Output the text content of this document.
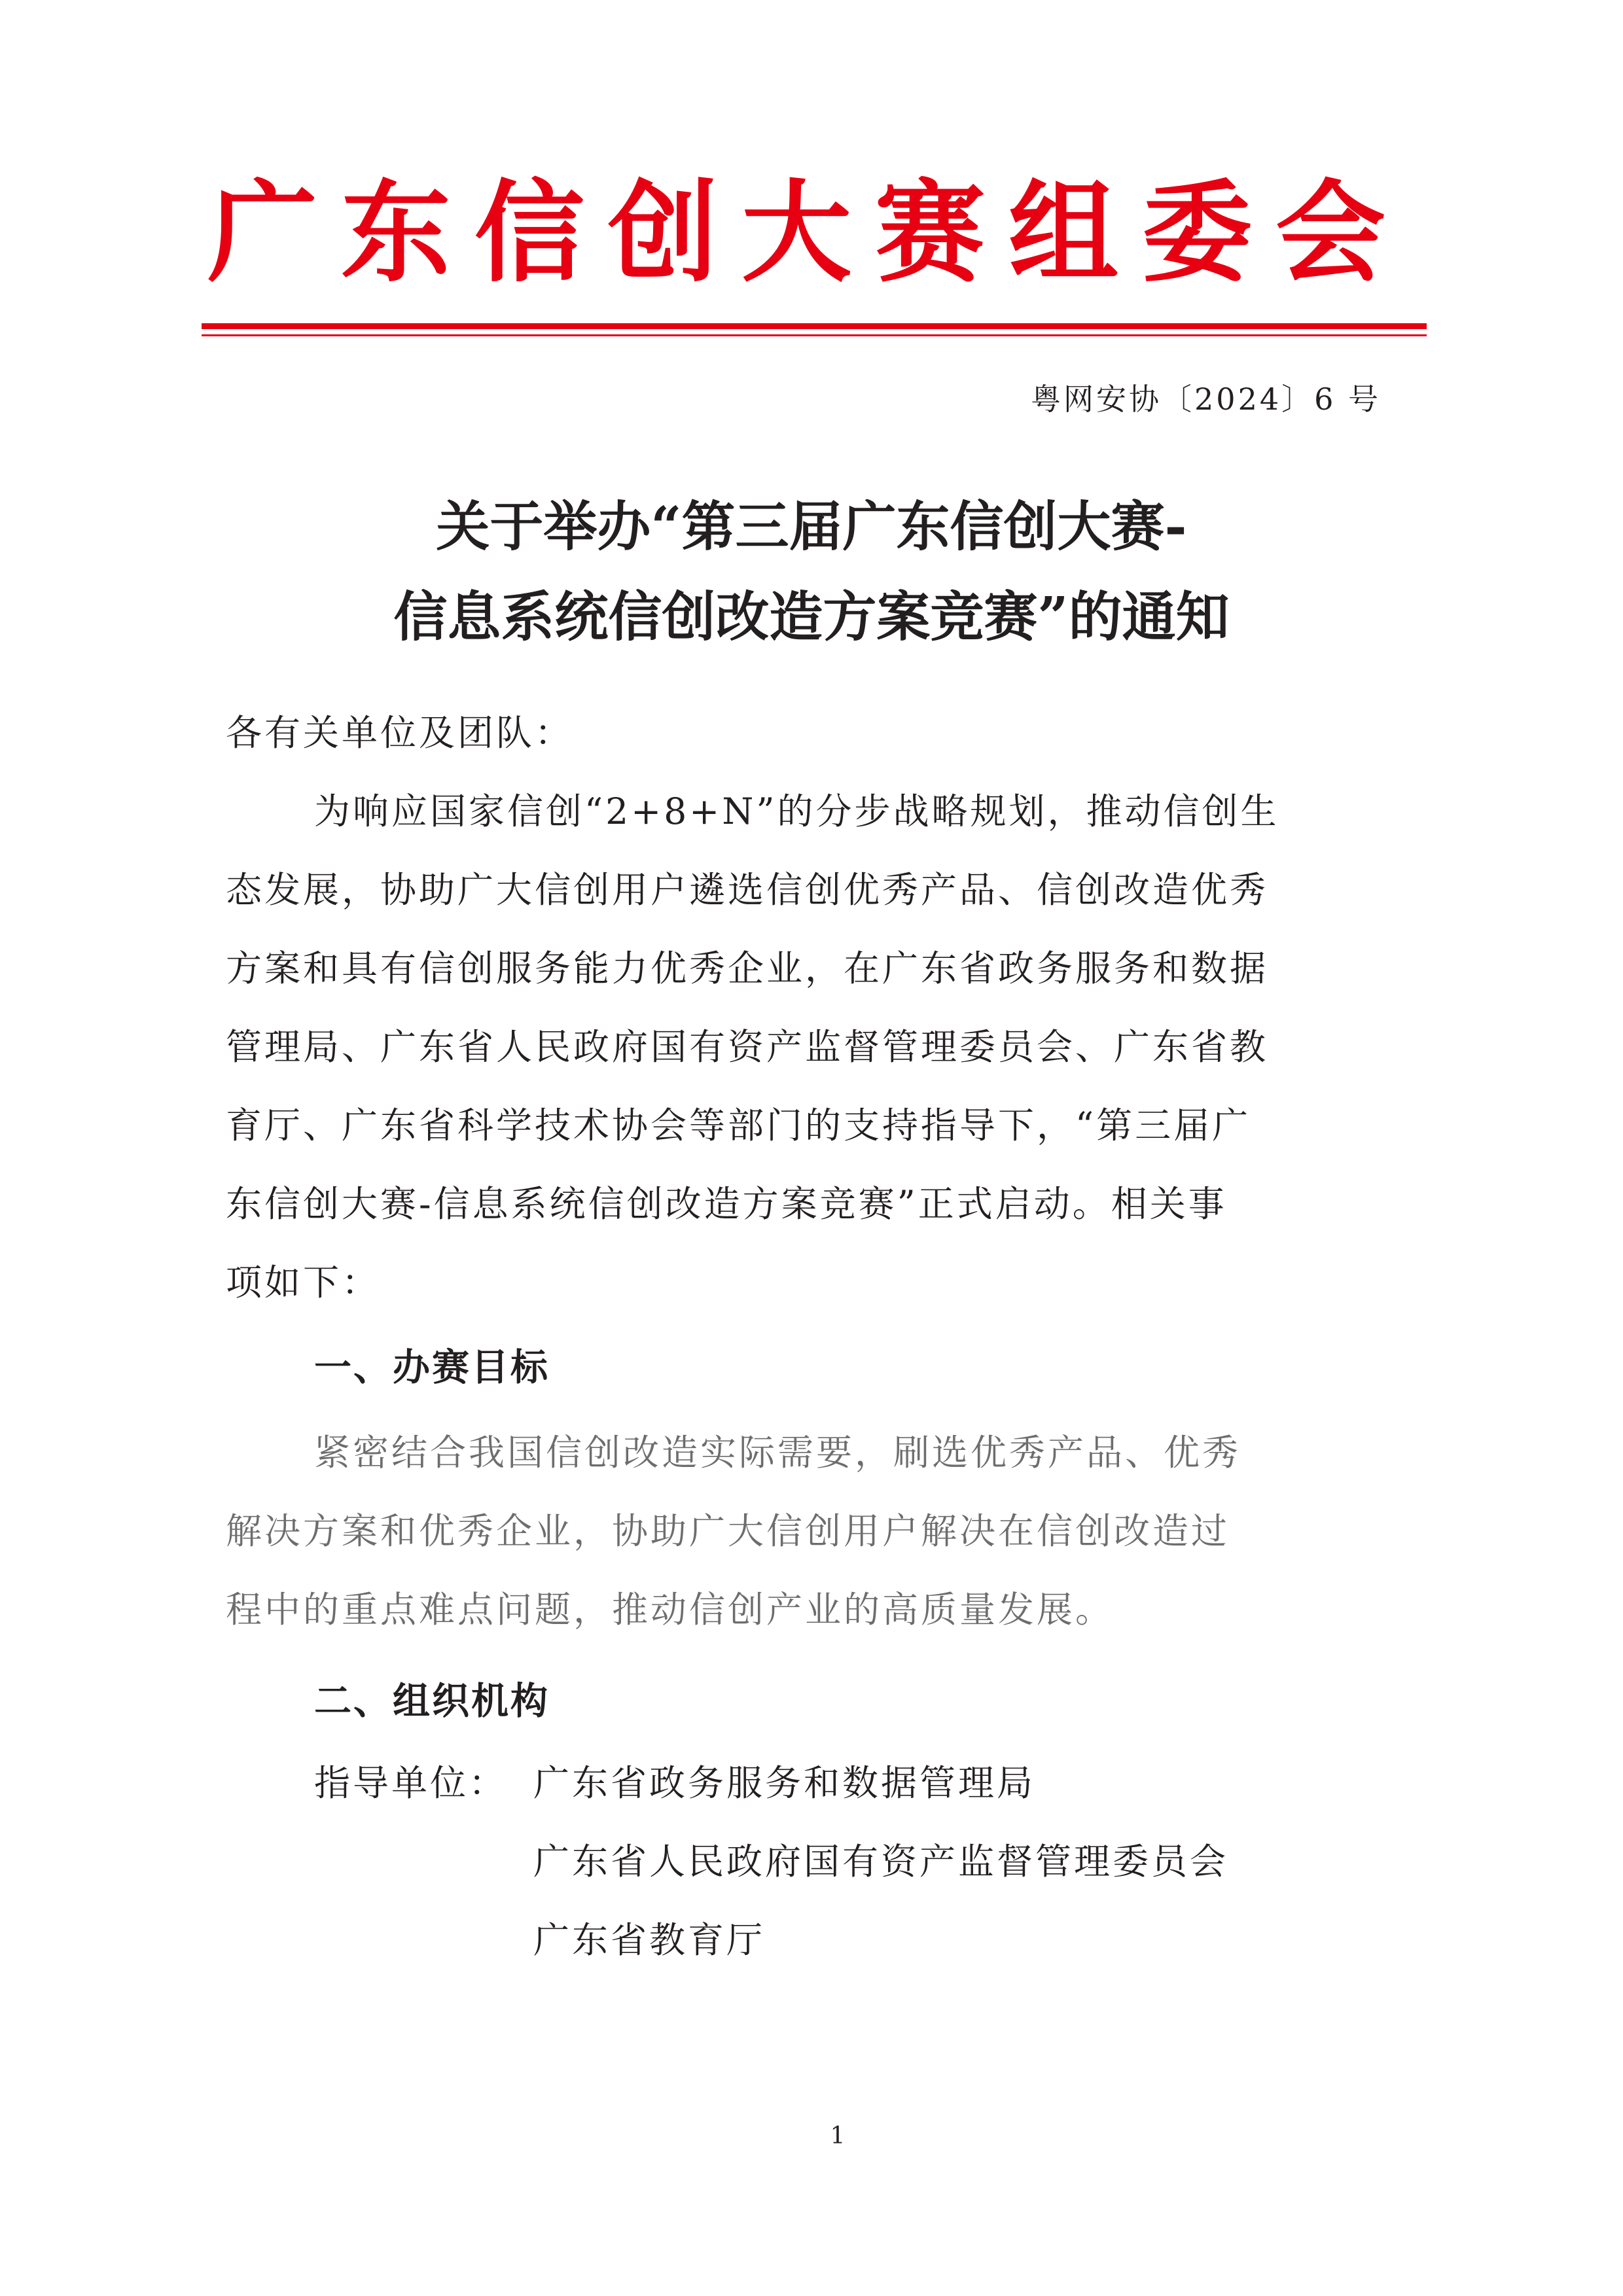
广东信创大赛组委会
粤网安协〔2024〕6 号
关于举办“第三届广东信创大赛-
信息系统信创改造方案竞赛”的通知
各有关单位及团队：
为响应国家信创“2+8+N”的分步战略规划，推动信创生
态发展，协助广大信创用户遴选信创优秀产品、信创改造优秀
方案和具有信创服务能力优秀企业，在广东省政务服务和数据
管理局、广东省人民政府国有资产监督管理委员会、广东省教
育厅、广东省科学技术协会等部门的支持指导下，“第三届广
东信创大赛-信息系统信创改造方案竞赛”正式启动。相关事
项如下：
一、办赛目标
紧密结合我国信创改造实际需要，刷选优秀产品、优秀
解决方案和优秀企业，协助广大信创用户解决在信创改造过
程中的重点难点问题，推动信创产业的高质量发展。
二、组织机构
指导单位： 广东省政务服务和数据管理局
广东省人民政府国有资产监督管理委员会
广东省教育厅
1
